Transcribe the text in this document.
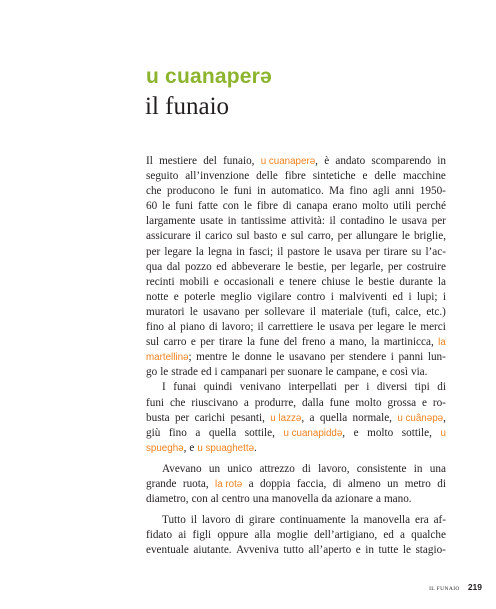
u cuanaperə
il funaio
Il mestiere del funaio, u cuanaperə, è andato scomparendo in
seguito all’invenzione delle fibre sintetiche e delle macchine
che producono le funi in automatico. Ma fino agli anni 1950-
60 le funi fatte con le fibre di canapa erano molto utili perché
largamente usate in tantissime attività: il contadino le usava per
assicurare il carico sul basto e sul carro, per allungare le briglie,
per legare la legna in fasci; il pastore le usava per tirare su l’ac-
qua dal pozzo ed abbeverare le bestie, per legarle, per costruire
recinti mobili e occasionali e tenere chiuse le bestie durante la
notte e poterle meglio vigilare contro i malviventi ed i lupi; i
muratori le usavano per sollevare il materiale (tufi, calce, etc.)
fino al piano di lavoro; il carrettiere le usava per legare le merci
sul carro e per tirare la fune del freno a mano, la martinicca, la
martellinə; mentre le donne le usavano per stendere i panni lun-
go le strade ed i campanari per suonare le campane, e così via.
I funai quindi venivano interpellati per i diversi tipi di
funi che riuscivano a produrre, dalla fune molto grossa e ro-
busta per carichi pesanti, u lazzə, a quella normale, u cuânəpə,
giù fino a quella sottile, u cuanapiddə, e molto sottile, u
spueghə, e u spuaghettə.
Avevano un unico attrezzo di lavoro, consistente in una
grande ruota, la rotə a doppia faccia, di almeno un metro di
diametro, con al centro una manovella da azionare a mano.
Tutto il lavoro di girare continuamente la manovella era af-
fidato ai figli oppure alla moglie dell’artigiano, ed a qualche
eventuale aiutante. Avveniva tutto all’aperto e in tutte le stagio-
IL FUNAIO 219
